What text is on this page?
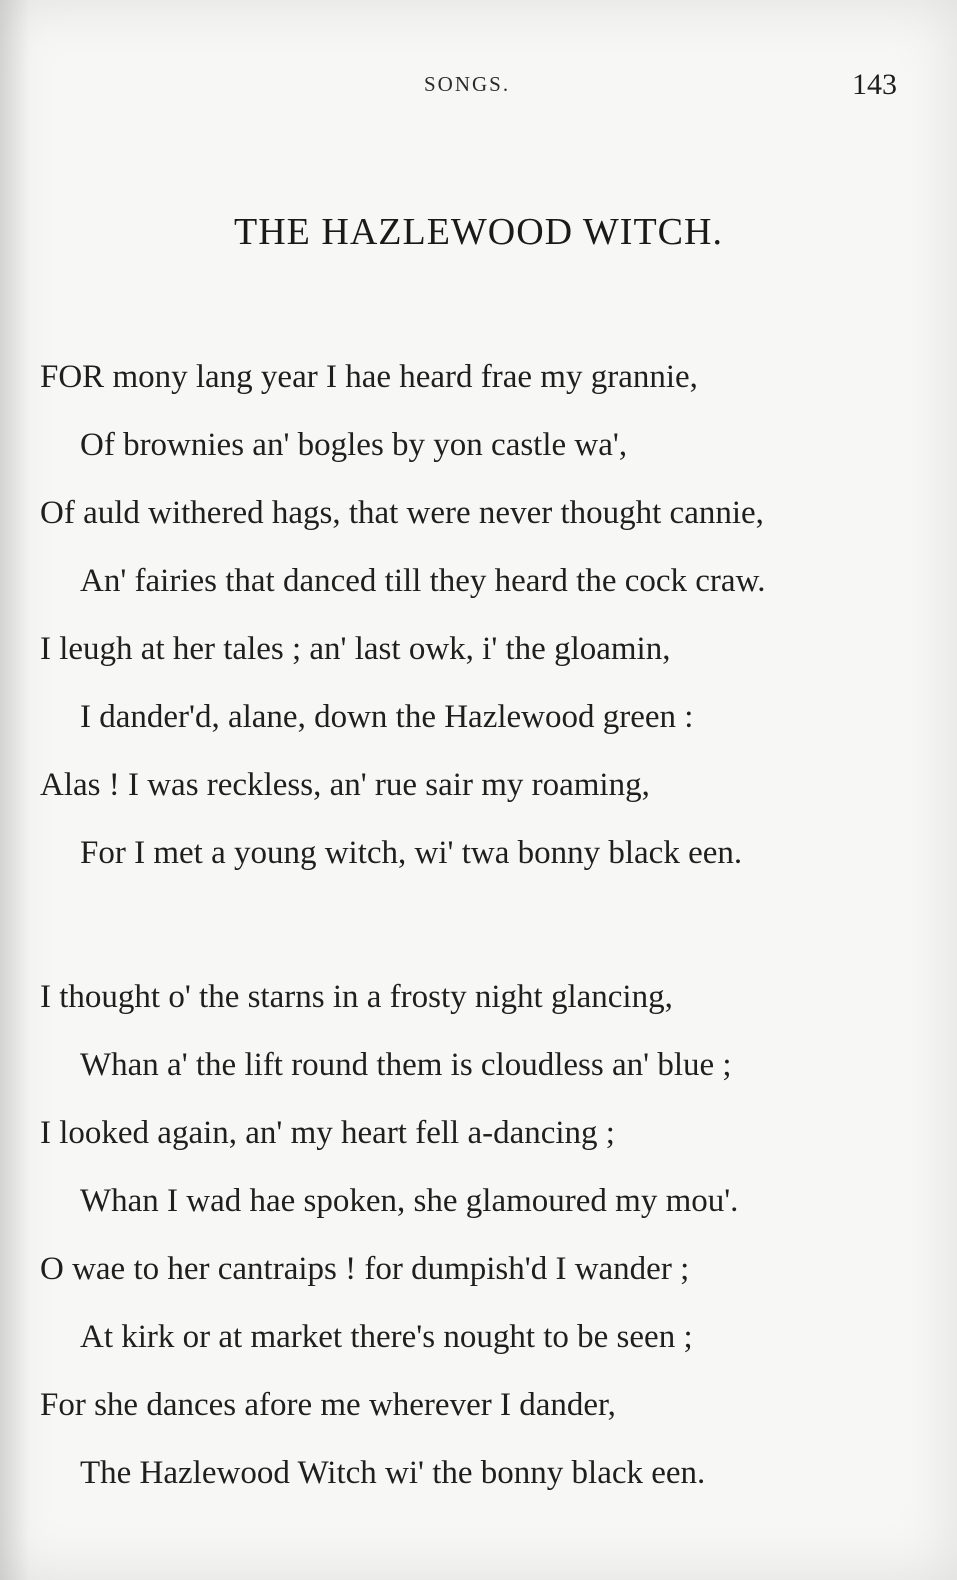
SONGS.	143
THE HAZLEWOOD WITCH.
FOR mony lang year I hae heard frae my grannie,
Of brownies an' bogles by yon castle wa',
Of auld withered hags, that were never thought cannie,
An' fairies that danced till they heard the cock craw.
I leugh at her tales ; an' last owk, i' the gloamin,
I dander'd, alane, down the Hazlewood green :
Alas ! I was reckless, an' rue sair my roaming,
For I met a young witch, wi' twa bonny black een.
I thought o' the starns in a frosty night glancing,
Whan a' the lift round them is cloudless an' blue ;
I looked again, an' my heart fell a-dancing ;
Whan I wad hae spoken, she glamoured my mou'.
O wae to her cantraips ! for dumpish'd I wander ;
At kirk or at market there's nought to be seen ;
For she dances afore me wherever I dander,
The Hazlewood Witch wi' the bonny black een.
